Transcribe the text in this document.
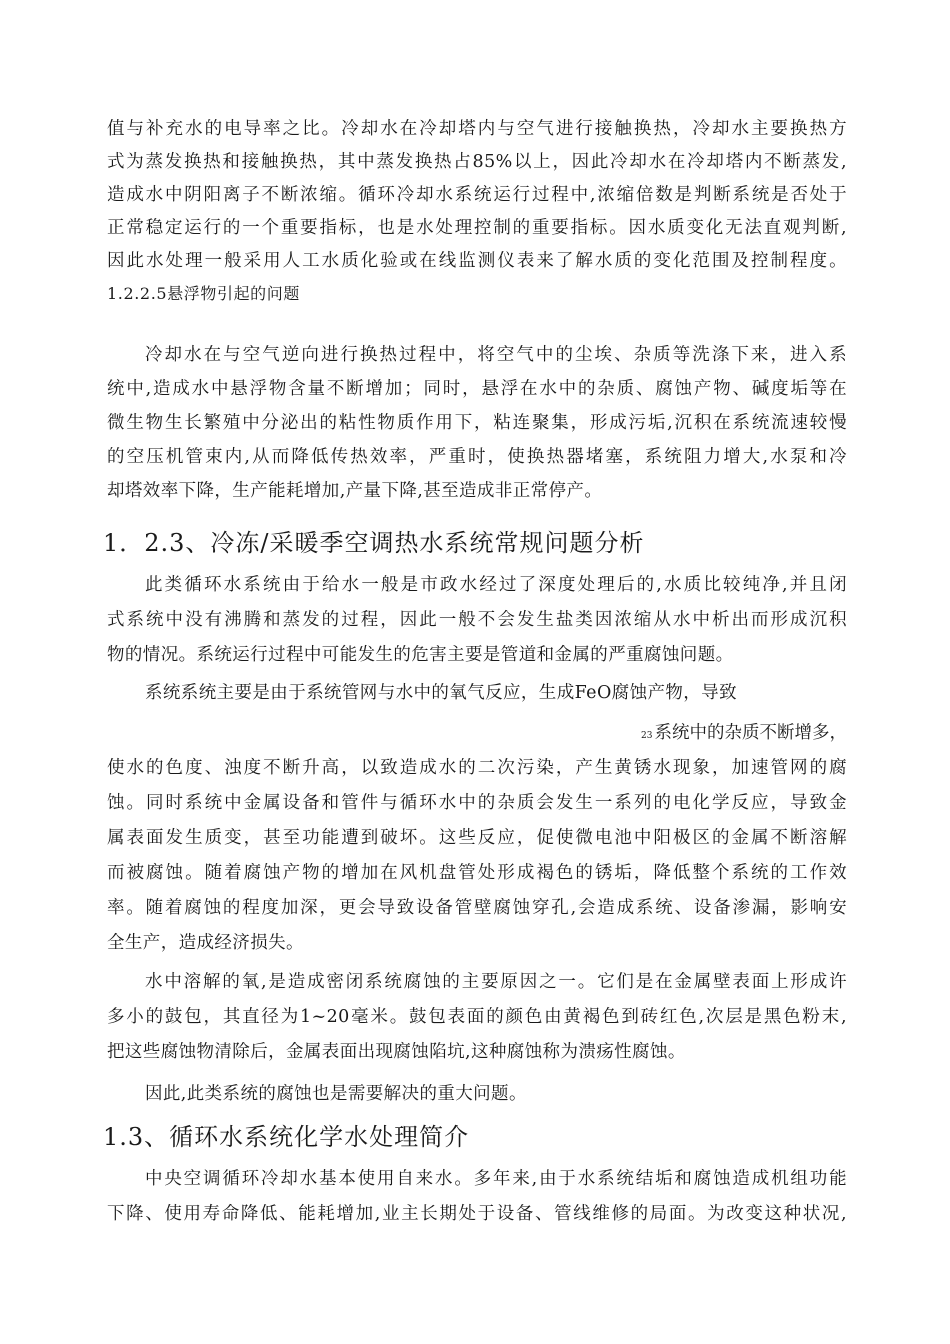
值与补充水的电导率之比。冷却水在冷却塔内与空气进行接触换热，冷却水主要换热方
式为蒸发换热和接触换热，其中蒸发换热占85%以上，因此冷却水在冷却塔内不断蒸发,
造成水中阴阳离子不断浓缩。循环冷却水系统运行过程中,浓缩倍数是判断系统是否处于
正常稳定运行的一个重要指标，也是水处理控制的重要指标。因水质变化无法直观判断,
因此水处理一般采用人工水质化验或在线监测仪表来了解水质的变化范围及控制程度。
1.2.2.5悬浮物引起的问题
冷却水在与空气逆向进行换热过程中，将空气中的尘埃、杂质等洗涤下来，进入系
统中,造成水中悬浮物含量不断增加；同时，悬浮在水中的杂质、腐蚀产物、碱度垢等在
微生物生长繁殖中分泌出的粘性物质作用下，粘连聚集，形成污垢,沉积在系统流速较慢
的空压机管束内,从而降低传热效率，严重时，使换热器堵塞，系统阻力增大,水泵和冷
却塔效率下降，生产能耗增加,产量下降,甚至造成非正常停产。
1．2.3、冷冻/采暖季空调热水系统常规问题分析
此类循环水系统由于给水一般是市政水经过了深度处理后的,水质比较纯净,并且闭
式系统中没有沸腾和蒸发的过程，因此一般不会发生盐类因浓缩从水中析出而形成沉积
物的情况。系统运行过程中可能发生的危害主要是管道和金属的严重腐蚀问题。
系统系统主要是由于系统管网与水中的氧气反应，生成FeO腐蚀产物，导致
23 系统中的杂质不断增多，
使水的色度、浊度不断升高，以致造成水的二次污染，产生黄锈水现象，加速管网的腐
蚀。同时系统中金属设备和管件与循环水中的杂质会发生一系列的电化学反应，导致金
属表面发生质变，甚至功能遭到破坏。这些反应，促使微电池中阳极区的金属不断溶解
而被腐蚀。随着腐蚀产物的增加在风机盘管处形成褐色的锈垢，降低整个系统的工作效
率。随着腐蚀的程度加深，更会导致设备管壁腐蚀穿孔,会造成系统、设备渗漏，影响安
全生产，造成经济损失。
水中溶解的氧,是造成密闭系统腐蚀的主要原因之一。它们是在金属壁表面上形成许
多小的鼓包，其直径为1~20毫米。鼓包表面的颜色由黄褐色到砖红色,次层是黑色粉末,
把这些腐蚀物清除后，金属表面出现腐蚀陷坑,这种腐蚀称为溃疡性腐蚀。
因此,此类系统的腐蚀也是需要解决的重大问题。
1.3、循环水系统化学水处理简介
中央空调循环冷却水基本使用自来水。多年来,由于水系统结垢和腐蚀造成机组功能
下降、使用寿命降低、能耗增加,业主长期处于设备、管线维修的局面。为改变这种状况,
